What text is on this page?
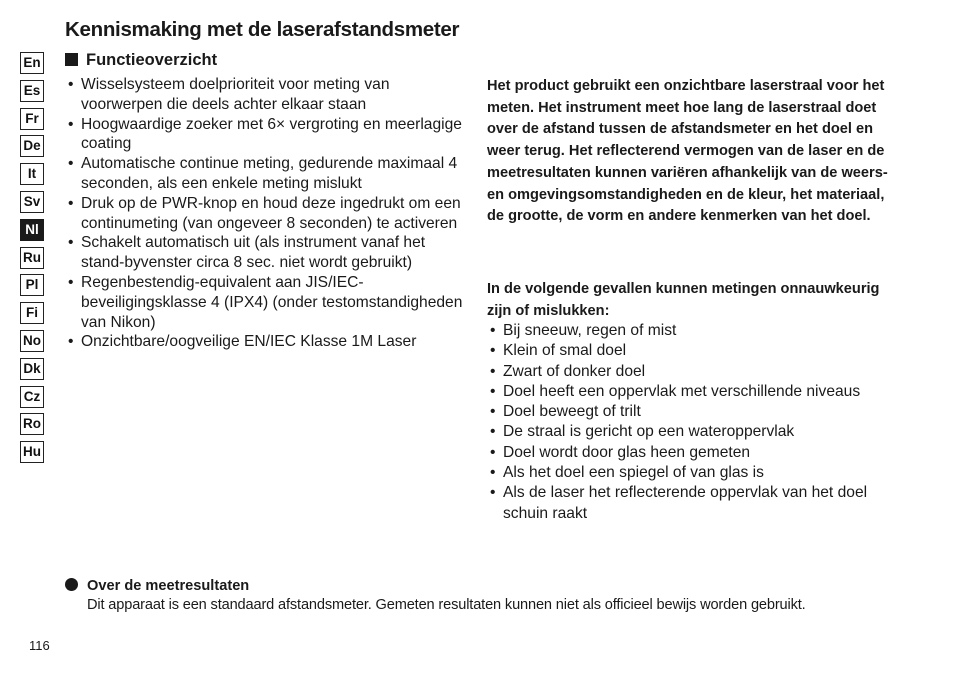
Kennismaking met de laserafstandsmeter
En
Es
Fr
De
It
Sv
Nl
Ru
Pl
Fi
No
Dk
Cz
Ro
Hu
Functieoverzicht
• Wisselsysteem doelprioriteit voor meting van voorwerpen die deels achter elkaar staan
• Hoogwaardige zoeker met 6× vergroting en meerlagige coating
• Automatische continue meting, gedurende maximaal 4 seconden, als een enkele meting mislukt
• Druk op de PWR-knop en houd deze ingedrukt om een continumeting (van ongeveer 8 seconden) te activeren
• Schakelt automatisch uit (als instrument vanaf het stand-byvenster circa 8 sec. niet wordt gebruikt)
• Regenbestendig-equivalent aan JIS/IEC-beveiligingsklasse 4 (IPX4) (onder testomstandigheden van Nikon)
• Onzichtbare/oogveilige EN/IEC Klasse 1M Laser
Het product gebruikt een onzichtbare laserstraal voor het meten. Het instrument meet hoe lang de laserstraal doet over de afstand tussen de afstandsmeter en het doel en weer terug. Het reflecterend vermogen van de laser en de meetresultaten kunnen variëren afhankelijk van de weers- en omgevingsomstandigheden en de kleur, het materiaal, de grootte, de vorm en andere kenmerken van het doel.
In de volgende gevallen kunnen metingen onnauwkeurig zijn of mislukken:
• Bij sneeuw, regen of mist
• Klein of smal doel
• Zwart of donker doel
• Doel heeft een oppervlak met verschillende niveaus
• Doel beweegt of trilt
• De straal is gericht op een wateroppervlak
• Doel wordt door glas heen gemeten
• Als het doel een spiegel of van glas is
• Als de laser het reflecterende oppervlak van het doel schuin raakt
Over de meetresultaten
Dit apparaat is een standaard afstandsmeter. Gemeten resultaten kunnen niet als officieel bewijs worden gebruikt.
116
